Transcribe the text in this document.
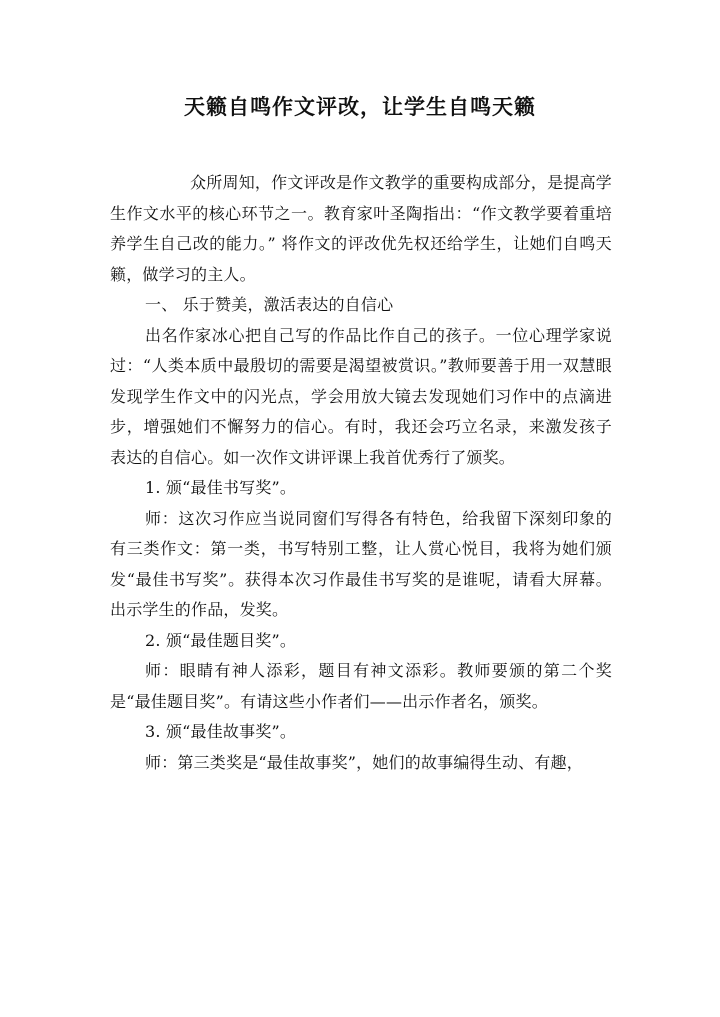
天籁自鸣作文评改，让学生自鸣天籁

众所周知，作文评改是作文教学的重要构成部分，是提高学生作文水平的核心环节之一。教育家叶圣陶指出：“作文教学要着重培养学生自己改的能力。” 将作文的评改优先权还给学生，让她们自鸣天籁，做学习的主人。

一、 乐于赞美，激活表达的自信心

出名作家冰心把自己写的作品比作自己的孩子。一位心理学家说过：“人类本质中最殷切的需要是渴望被赏识。”教师要善于用一双慧眼发现学生作文中的闪光点，学会用放大镜去发现她们习作中的点滴进步，增强她们不懈努力的信心。有时，我还会巧立名录，来激发孩子表达的自信心。如一次作文讲评课上我首优秀行了颁奖。

1. 颁“最佳书写奖”。

师：这次习作应当说同窗们写得各有特色，给我留下深刻印象的有三类作文：第一类，书写特别工整，让人赏心悦目，我将为她们颁发“最佳书写奖”。获得本次习作最佳书写奖的是谁呢，请看大屏幕。出示学生的作品，发奖。

2. 颁“最佳题目奖”。

师：眼睛有神人添彩，题目有神文添彩。教师要颁的第二个奖是“最佳题目奖”。有请这些小作者们——出示作者名，颁奖。

3. 颁“最佳故事奖”。

师：第三类奖是“最佳故事奖”，她们的故事编得生动、有趣，
